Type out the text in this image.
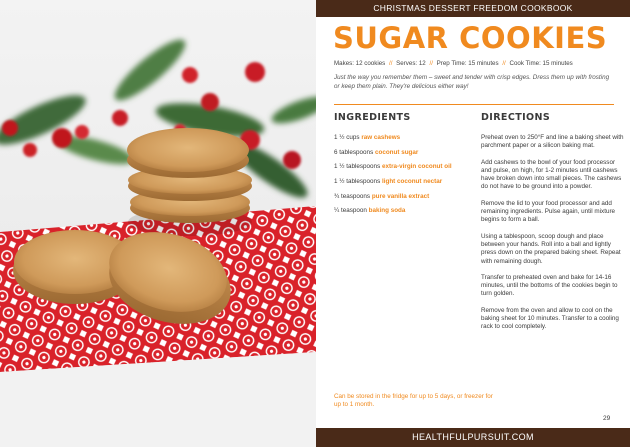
CHRISTMAS DESSERT FREEDOM COOKBOOK
SUGAR COOKIES
Makes: 12 cookies // Serves: 12 // Prep Time: 15 minutes // Cook Time: 15 minutes

Just the way you remember them – sweet and tender with crisp edges. Dress them up with frosting or keep them plain. They're delicious either way!

INGREDIENTS	DIRECTIONS
1 ½ cups raw cashews
6 tablespoons coconut sugar
1 ½ tablespoons extra-virgin coconut oil
1 ½ tablespoons light coconut nectar
¾ teaspoons pure vanilla extract
¼ teaspoon baking soda
Preheat oven to 250°F and line a baking sheet with parchment paper or a silicon baking mat.
Add cashews to the bowl of your food processor and pulse, on high, for 1-2 minutes until cashews have broken down into small pieces. The cashews do not have to be ground into a powder.
Remove the lid to your food processor and add remaining ingredients. Pulse again, until mixture begins to form a ball.
Using a tablespoon, scoop dough and place between your hands. Roll into a ball and lightly press down on the prepared baking sheet. Repeat with remaining dough.
Transfer to preheated oven and bake for 14-16 minutes, until the bottoms of the cookies begin to turn golden.
Remove from the oven and allow to cool on the baking sheet for 10 minutes. Transfer to a cooling rack to cool completely.

Can be stored in the fridge for up to 5 days, or freezer for up to 1 month.

29
HEALTHFULPURSUIT.COM
